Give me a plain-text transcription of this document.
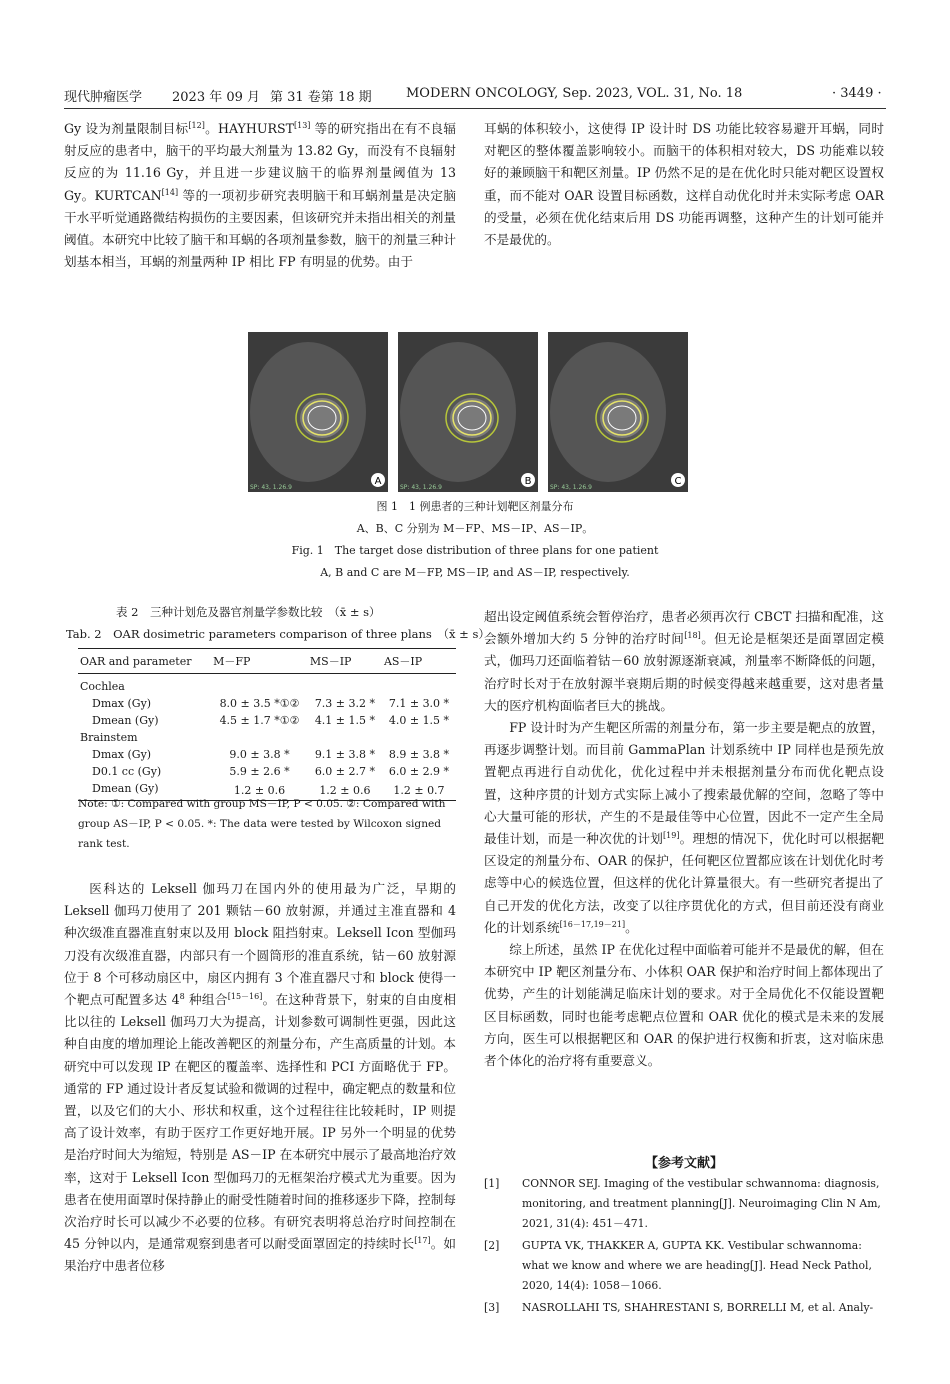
现代肿瘤医学 2023 年 09 月 第 31 卷第 18 期	MODERN ONCOLOGY, Sep. 2023, VOL. 31, No. 18	· 3449 ·

Gy 设为剂量限制目标[12]。HAYHURST[13] 等的研究指出在有不良辐射反应的患者中，脑干的平均最大剂量为 13.82 Gy，而没有不良辐射反应的为 11.16 Gy，并且进一步建议脑干的临界剂量阈值为 13 Gy。KURTCAN[14] 等的一项初步研究表明脑干和耳蜗剂量是决定脑干水平听觉通路微结构损伤的主要因素，但该研究并未指出相关的剂量阈值。本研究中比较了脑干和耳蜗的各项剂量参数，脑干的剂量三种计划基本相当，耳蜗的剂量两种 IP 相比 FP 有明显的优势。由于

耳蜗的体积较小，这使得 IP 设计时 DS 功能比较容易避开耳蜗，同时对靶区的整体覆盖影响较小。而脑干的体积相对较大，DS 功能难以较好的兼顾脑干和靶区剂量。IP 仍然不足的是在优化时只能对靶区设置权重，而不能对 OAR 设置目标函数，这样自动优化时并未实际考虑 OAR 的受量，必须在优化结束后用 DS 功能再调整，这种产生的计划可能并不是最优的。

A
SP: 43, 1.26.9
B
SP: 43, 1.26.9
C
SP: 43, 1.26.9
图 1　1 例患者的三种计划靶区剂量分布
A、B、C 分别为 M－FP、MS－IP、AS－IP。
Fig. 1　The target dose distribution of three plans for one patient
A, B and C are M－FP, MS－IP, and AS－IP, respectively.
表 2　三种计划危及器官剂量学参数比较　（x̄ ± s）
Tab. 2　OAR dosimetric parameters comparison of three plans　（x̄ ± s）
OAR and parameter	M－FP	MS－IP	AS－IP
Cochlea			
Dmax (Gy)	8.0 ± 3.5 *①②	7.3 ± 3.2 *	7.1 ± 3.0 *
Dmean (Gy)	4.5 ± 1.7 *①②	4.1 ± 1.5 *	4.0 ± 1.5 *
Brainstem			
Dmax (Gy)	9.0 ± 3.8 *	9.1 ± 3.8 *	8.9 ± 3.8 *
D0.1 cc (Gy)	5.9 ± 2.6 *	6.0 ± 2.7 *	6.0 ± 2.9 *
Dmean (Gy)	1.2 ± 0.6	1.2 ± 0.6	1.2 ± 0.7
Note: ①: Compared with group MS－IP, P < 0.05. ②: Compared with group AS－IP, P < 0.05. *: The data were tested by Wilcoxon signed rank test.

医科达的 Leksell 伽玛刀在国内外的使用最为广泛，早期的 Leksell 伽玛刀使用了 201 颗钴－60 放射源，并通过主准直器和 4 种次级准直器准直射束以及用 block 阻挡射束。Leksell Icon 型伽玛刀没有次级准直器，内部只有一个圆筒形的准直系统，钴－60 放射源位于 8 个可移动扇区中，扇区内拥有 3 个准直器尺寸和 block 使得一个靶点可配置多达 $4^8$ 种组合[15－16]。在这种背景下，射束的自由度相比以往的 Leksell 伽玛刀大为提高，计划参数可调制性更强，因此这种自由度的增加理论上能改善靶区的剂量分布，产生高质量的计划。本研究中可以发现 IP 在靶区的覆盖率、选择性和 PCI 方面略优于 FP。通常的 FP 通过设计者反复试验和微调的过程中，确定靶点的数量和位置，以及它们的大小、形状和权重，这个过程往往比较耗时，IP 则提高了设计效率，有助于医疗工作更好地开展。IP 另外一个明显的优势是治疗时间大为缩短，特别是 AS－IP 在本研究中展示了最高地治疗效率，这对于 Leksell Icon 型伽玛刀的无框架治疗模式尤为重要。因为患者在使用面罩时保持静止的耐受性随着时间的推移逐步下降，控制每次治疗时长可以减少不必要的位移。有研究表明将总治疗时间控制在 45 分钟以内，是通常观察到患者可以耐受面罩固定的持续时长[17]。如果治疗中患者位移

超出设定阈值系统会暂停治疗，患者必须再次行 CBCT 扫描和配准，这会额外增加大约 5 分钟的治疗时间[18]。但无论是框架还是面罩固定模式，伽玛刀还面临着钴－60 放射源逐渐衰减，剂量率不断降低的问题，治疗时长对于在放射源半衰期后期的时候变得越来越重要，这对患者量大的医疗机构面临者巨大的挑战。

FP 设计时为产生靶区所需的剂量分布，第一步主要是靶点的放置，再逐步调整计划。而目前 GammaPlan 计划系统中 IP 同样也是预先放置靶点再进行自动优化，优化过程中并未根据剂量分布而优化靶点设置，这种序贯的计划方式实际上减小了搜索最优解的空间，忽略了等中心大量可能的形状，产生的不是最佳等中心位置，因此不一定产生全局最佳计划，而是一种次优的计划[19]。理想的情况下，优化时可以根据靶区设定的剂量分布、OAR 的保护，任何靶区位置都应该在计划优化时考虑等中心的候选位置，但这样的优化计算量很大。有一些研究者提出了自己开发的优化方法，改变了以往序贯优化的方式，但目前还没有商业化的计划系统[16－17,19－21]。

综上所述，虽然 IP 在优化过程中面临着可能并不是最优的解，但在本研究中 IP 靶区剂量分布、小体积 OAR 保护和治疗时间上都体现出了优势，产生的计划能满足临床计划的要求。对于全局优化不仅能设置靶区目标函数，同时也能考虑靶点位置和 OAR 优化的模式是未来的发展方向，医生可以根据靶区和 OAR 的保护进行权衡和折衷，这对临床患者个体化的治疗将有重要意义。

【参考文献】
[1] CONNOR SEJ. Imaging of the vestibular schwannoma: diagnosis, monitoring, and treatment planning[J]. Neuroimaging Clin N Am, 2021, 31(4): 451－471.
[2] GUPTA VK, THAKKER A, GUPTA KK. Vestibular schwannoma: what we know and where we are heading[J]. Head Neck Pathol, 2020, 14(4): 1058－1066.
[3] NASROLLAHI TS, SHAHRESTANI S, BORRELLI M, et al. Analy-
